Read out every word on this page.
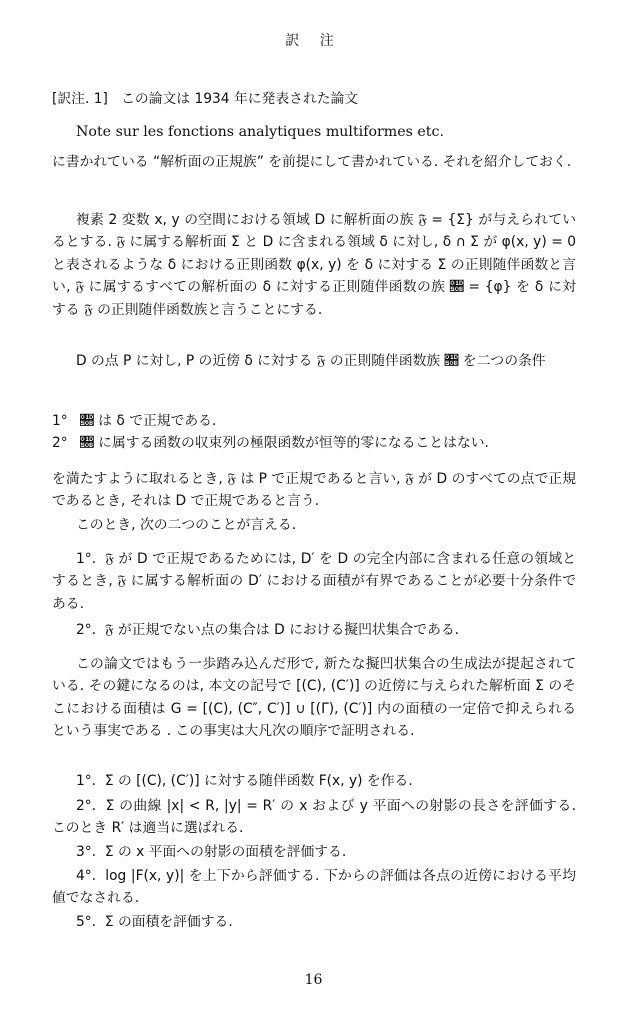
訳 注
[訳注. 1] この論文は 1934 年に発表された論文
Note sur les fonctions analytiques multiformes etc.

に書かれている “解析面の正規族” を前提にして書かれている. それを紹介しておく.

複素 2 変数 x, y の空間における領域 D に解析面の族 𝔉 = {Σ} が与えられているとする. 𝔉 に属する解析面 Σ と D に含まれる領域 δ に対し, δ ∩ Σ が φ(x, y) = 0 と表されるような δ における正則函数 φ(x, y) を δ に対する Σ の正則随伴函数と言い, 𝔉 に属するすべての解析面の δ に対する正則随伴函数の族 𝔋 = {φ} を δ に対する 𝔉 の正則随伴函数族と言うことにする.

D の点 P に対し, P の近傍 δ に対する 𝔉 の正則随伴函数族 𝔋 を二つの条件

1° 𝔋 は δ で正規である.
2° 𝔋 に属する函数の収束列の極限函数が恒等的零になることはない.

を満たすように取れるとき, 𝔉 は P で正規であると言い, 𝔉 が D のすべての点で正規であるとき, それは D で正規であると言う.

このとき, 次の二つのことが言える.

1°. 𝔉 が D で正規であるためには, D′ を D の完全内部に含まれる任意の領域とするとき, 𝔉 に属する解析面の D′ における面積が有界であることが必要十分条件である.
2°. 𝔉 が正規でない点の集合は D における擬凹状集合である.

この論文ではもう一歩踏み込んだ形で, 新たな擬凹状集合の生成法が提起されている. その鍵になるのは, 本文の記号で [(C), (C′)] の近傍に与えられた解析面 Σ のそこにおける面積は G = [(C), (C″, C′)] ∪ [(Γ), (C′)] 内の面積の一定倍で抑えられるという事実である . この事実は大凡次の順序で証明される.

1°. Σ の [(C), (C′)] に対する随伴函数 F(x, y) を作る.
2°. Σ の曲線 |x| < R, |y| = R′ の x および y 平面への射影の長さを評価する. このとき R′ は適当に選ばれる.
3°. Σ の x 平面への射影の面積を評価する.
4°. log |F(x, y)| を上下から評価する. 下からの評価は各点の近傍における平均値でなされる.
5°. Σ の面積を評価する.
16
